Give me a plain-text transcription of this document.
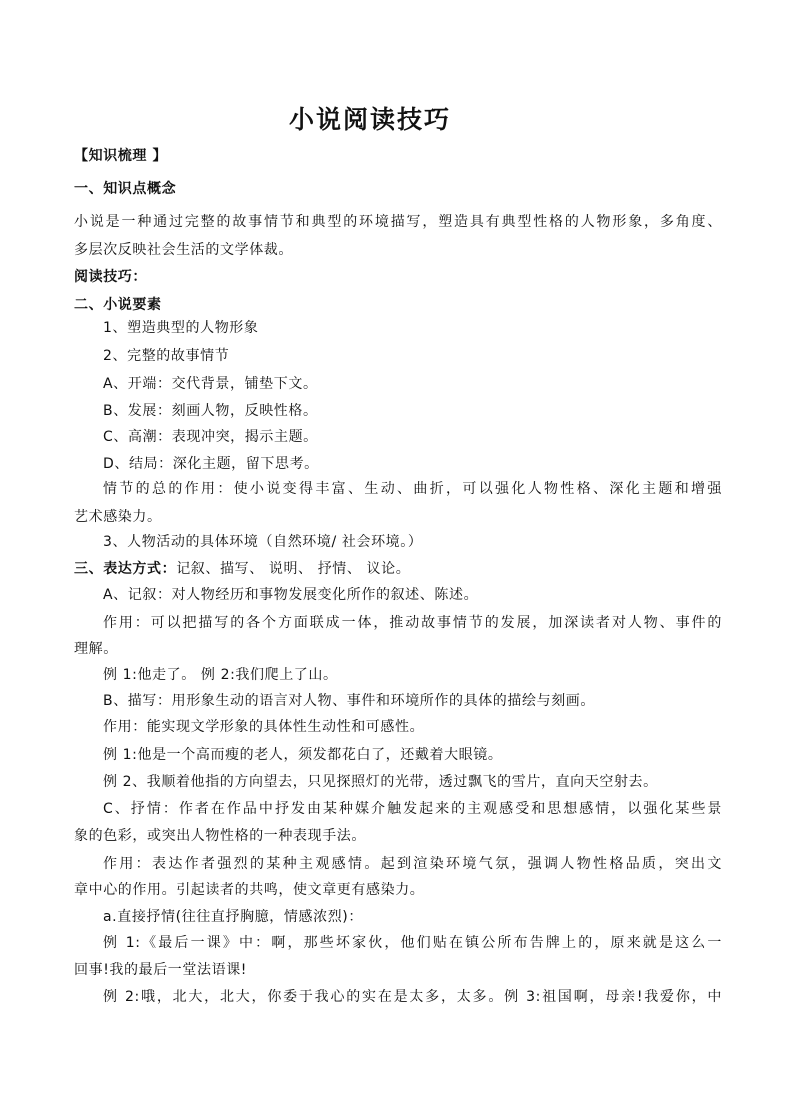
小说阅读技巧
【知识梳理 】
一、知识点概念
小说是一种通过完整的故事情节和典型的环境描写，塑造具有典型性格的人物形象，多角度、
多层次反映社会生活的文学体裁。
阅读技巧：
二、小说要素
1、塑造典型的人物形象
2、完整的故事情节
A、开端：交代背景，铺垫下文。
B、发展：刻画人物，反映性格。
C、高潮：表现冲突，揭示主题。
D、结局：深化主题，留下思考。
情节的总的作用：使小说变得丰富、生动、曲折，可以强化人物性格、深化主题和增强
艺术感染力。
3、人物活动的具体环境（自然环境/ 社会环境。）
三、表达方式：记叙、描写、 说明、 抒情、 议论。
A、记叙：对人物经历和事物发展变化所作的叙述、陈述。
作用：可以把描写的各个方面联成一体，推动故事情节的发展，加深读者对人物、事件的
理解。
例 1:他走了。 例 2:我们爬上了山。
B、描写：用形象生动的语言对人物、事件和环境所作的具体的描绘与刻画。
作用：能实现文学形象的具体性生动性和可感性。
例 1:他是一个高而瘦的老人，须发都花白了，还戴着大眼镜。
例 2、我顺着他指的方向望去，只见探照灯的光带，透过飘飞的雪片，直向天空射去。
C、抒情：作者在作品中抒发由某种媒介触发起来的主观感受和思想感情，以强化某些景
象的色彩，或突出人物性格的一种表现手法。
作用：表达作者强烈的某种主观感情。起到渲染环境气氛，强调人物性格品质，突出文
章中心的作用。引起读者的共鸣，使文章更有感染力。
a.直接抒情(往往直抒胸臆，情感浓烈)：
例 1:《最后一课》中：啊，那些坏家伙，他们贴在镇公所布告牌上的，原来就是这么一
回事!我的最后一堂法语课!
例 2:哦，北大，北大，你委于我心的实在是太多，太多。例 3:祖国啊，母亲!我爱你，中
